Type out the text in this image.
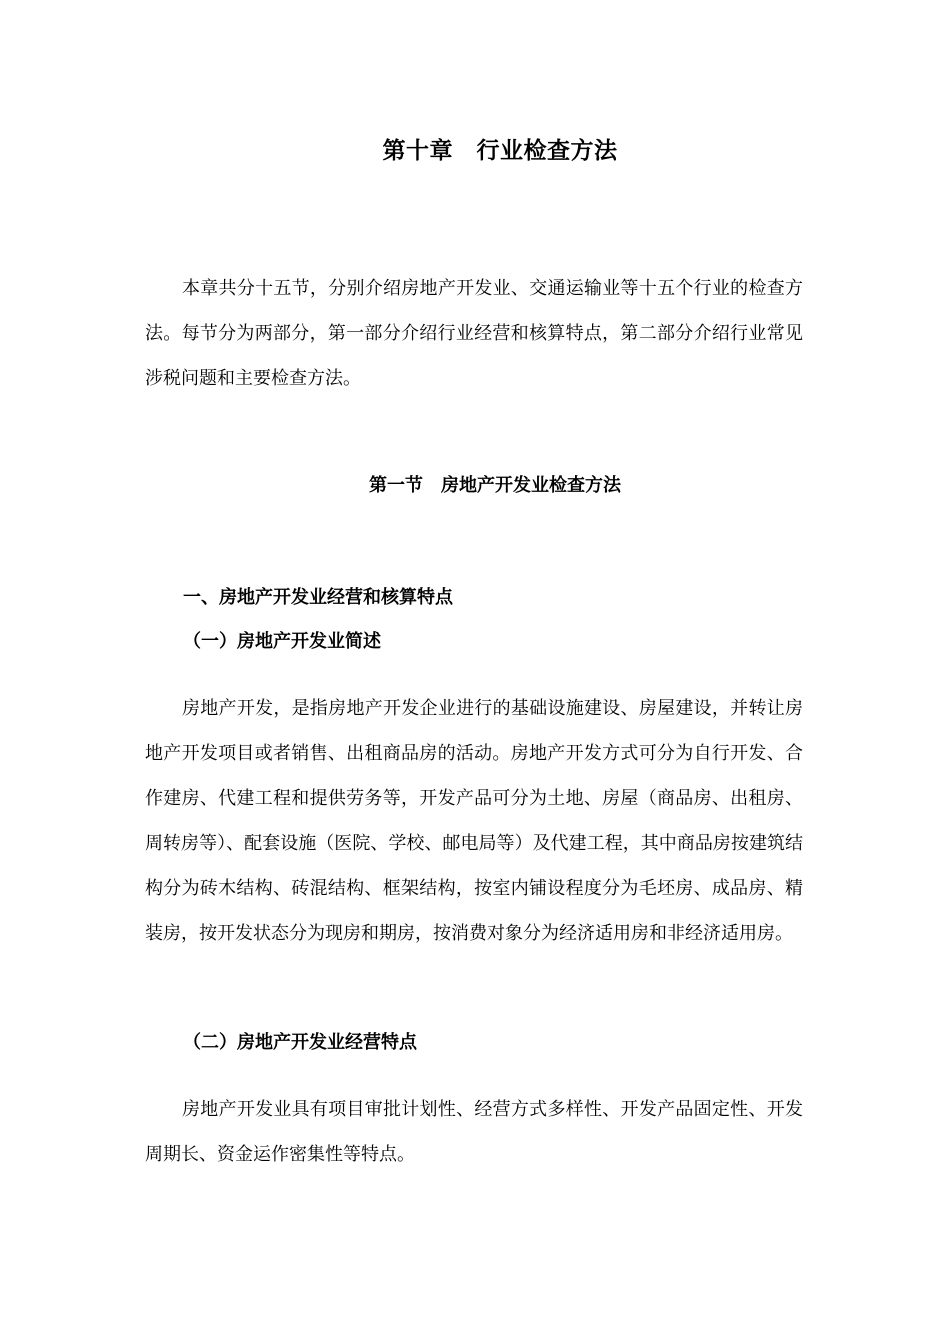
第十章　行业检查方法

本章共分十五节，分别介绍房地产开发业、交通运输业等十五个行业的检查方法。每节分为两部分，第一部分介绍行业经营和核算特点，第二部分介绍行业常见涉税问题和主要检查方法。

第一节　房地产开发业检查方法
一、房地产开发业经营和核算特点
（一）房地产开发业简述

房地产开发，是指房地产开发企业进行的基础设施建设、房屋建设，并转让房地产开发项目或者销售、出租商品房的活动。房地产开发方式可分为自行开发、合作建房、代建工程和提供劳务等，开发产品可分为土地、房屋（商品房、出租房、周转房等）、配套设施（医院、学校、邮电局等）及代建工程，其中商品房按建筑结构分为砖木结构、砖混结构、框架结构，按室内铺设程度分为毛坯房、成品房、精装房，按开发状态分为现房和期房，按消费对象分为经济适用房和非经济适用房。

（二）房地产开发业经营特点

房地产开发业具有项目审批计划性、经营方式多样性、开发产品固定性、开发周期长、资金运作密集性等特点。
